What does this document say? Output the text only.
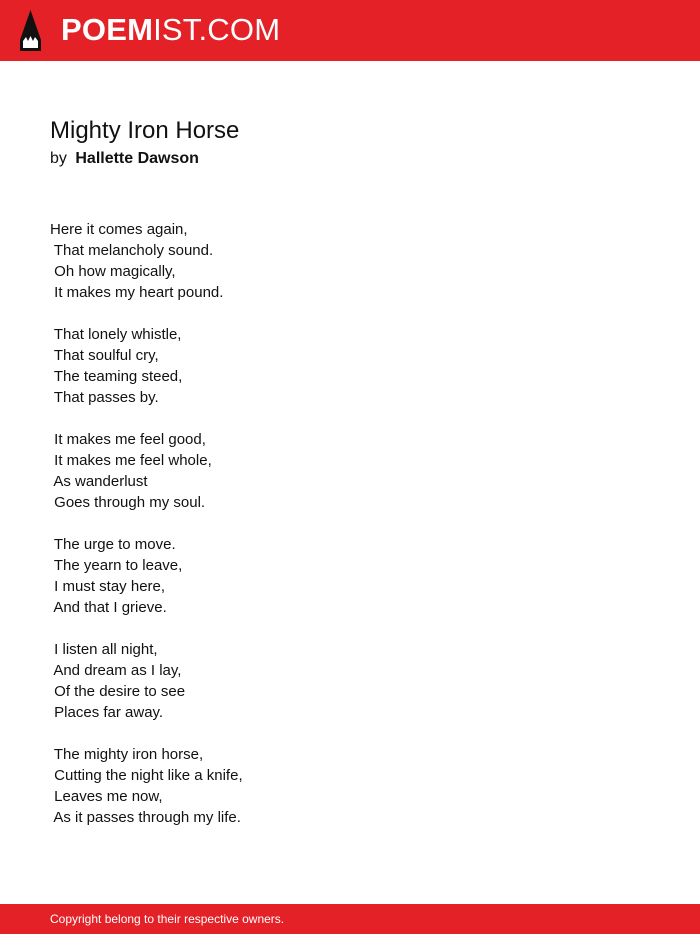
POEMIST.COM
Mighty Iron Horse
by Hallette Dawson
Here it comes again,
That melancholy sound.
Oh how magically,
It makes my heart pound.
That lonely whistle,
That soulful cry,
The teaming steed,
That passes by.
It makes me feel good,
It makes me feel whole,
As wanderlust
Goes through my soul.
The urge to move.
The yearn to leave,
I must stay here,
And that I grieve.
I listen all night,
And dream as I lay,
Of the desire to see
Places far away.
The mighty iron horse,
Cutting the night like a knife,
Leaves me now,
As it passes through my life.
Copyright belong to their respective owners.
